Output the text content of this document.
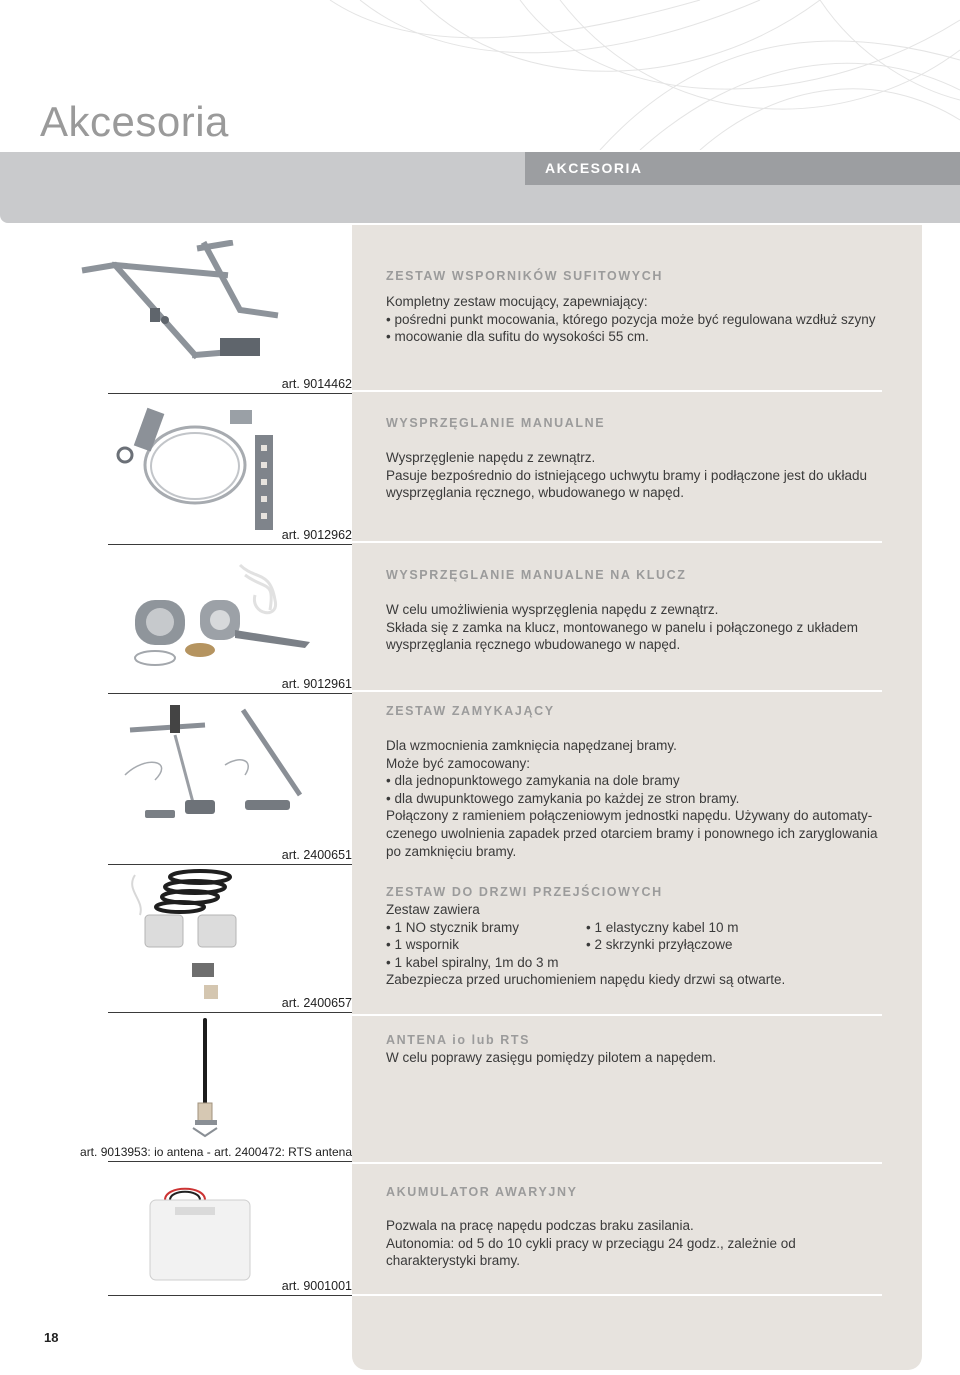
Akcesoria
AKCESORIA
ZESTAW WSPORNIKÓW SUFITOWYCH

Kompletny zestaw mocujący, zapewniający:

• pośredni punkt mocowania, którego pozycja może być regulowana wzdłuż szyny

• mocowanie dla sufitu do wysokości 55 cm.

art. 9014462
WYSPRZĘGLANIE MANUALNE

Wysprzęglenie napędu z zewnątrz.

Pasuje bezpośrednio do istniejącego uchwytu bramy i podłączone jest do układu wysprzęglania ręcznego, wbudowanego w napęd.

art. 9012962
WYSPRZĘGLANIE MANUALNE NA KLUCZ

W celu umożliwienia wysprzęglenia napędu z zewnątrz.

Składa się z zamka na klucz, montowanego w panelu i połączonego z układem wysprzęglania ręcznego wbudowanego w napęd.

art. 9012961
ZESTAW ZAMYKAJĄCY

Dla wzmocnienia zamknięcia napędzanej bramy.

Może być zamocowany:

• dla jednopunktowego zamykania na dole bramy

• dla dwupunktowego zamykania po każdej ze stron bramy.

Połączony z ramieniem połączeniowym jednostki napędu. Używany do automaty-czenego uwolnienia zapadek przed otarciem bramy i ponownego ich zaryglowania po zamknięciu bramy.

art. 2400651
ZESTAW DO DRZWI PRZEJŚCIOWYCH

Zestaw zawiera

• 1 NO stycznik bramy

• 1 wspornik

• 1 kabel spiralny, 1m do 3 m

• 1 elastyczny kabel 10 m

• 2 skrzynki przyłączowe

Zabezpiecza przed uruchomieniem napędu kiedy drzwi są otwarte.

art. 2400657
ANTENA io lub RTS

W celu poprawy zasięgu pomiędzy pilotem a napędem.

art. 9013953: io antena - art. 2400472: RTS antena
AKUMULATOR AWARYJNY

Pozwala na pracę napędu podczas braku zasilania.

Autonomia: od 5 do 10 cykli pracy w przeciągu 24 godz., zależnie od charakterystyki bramy.

art. 9001001
18
